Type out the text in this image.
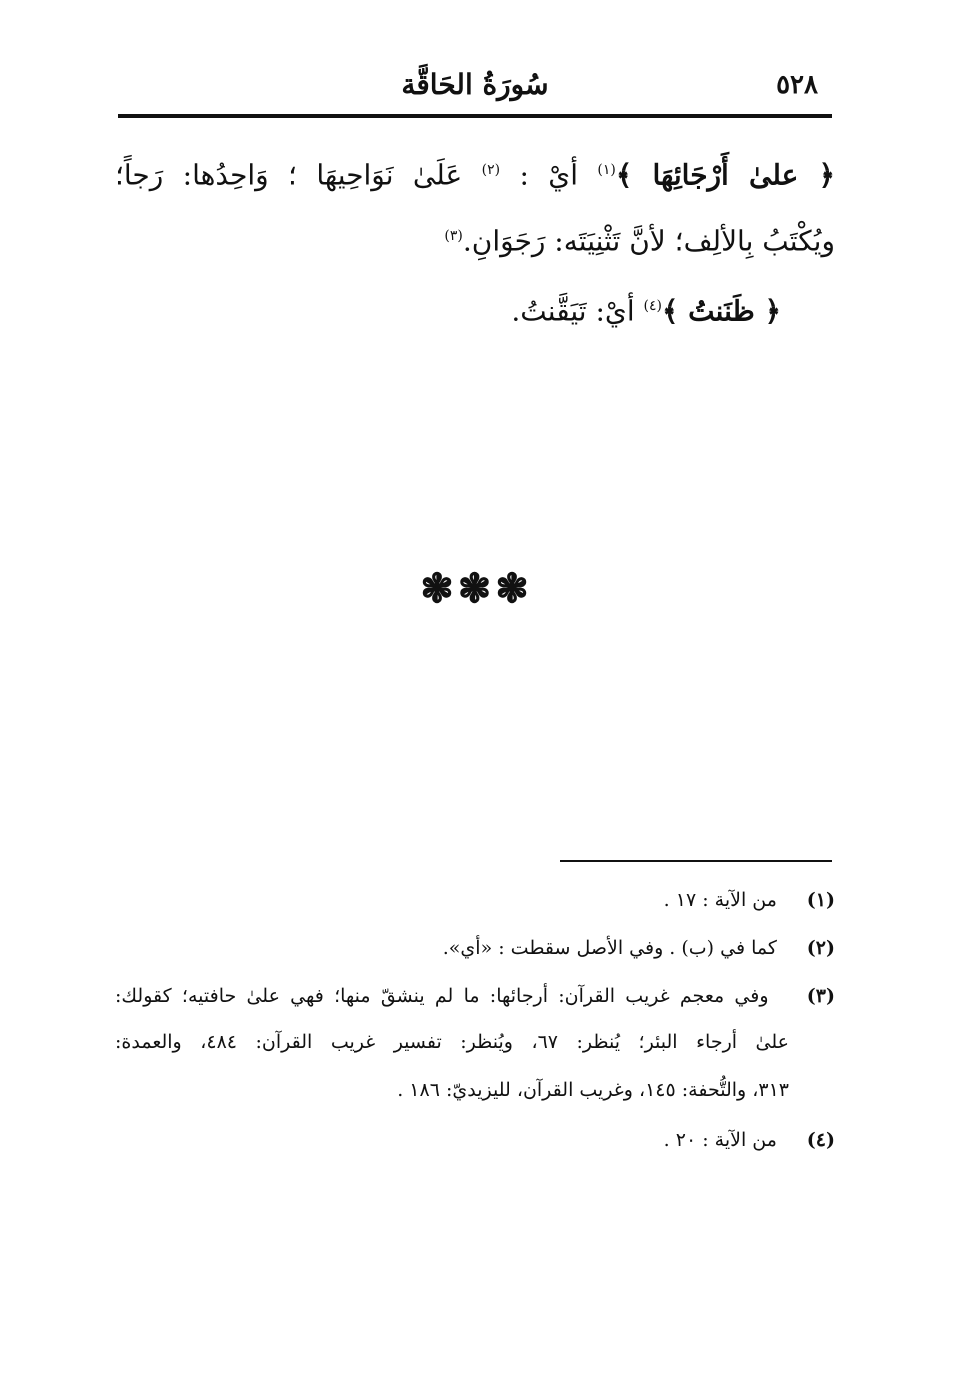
٥٢٨
سُورَةُ الحَاقَّة
﴿ علىٰ أَرْجَائِهَا ﴾$^{(١)}$ أيْ : $^{(٢)}$ عَلَىٰ نَوَاحِيهَا ؛ وَاحِدُها: رَجاً؛
ويُكْتَبُ بِالألِف؛ لأنَّ تَثْنِيَتَه: رَجَوَانِ.$^{(٣)}$
﴿ ظَنَنتُ ﴾$^{(٤)}$ أيْ: تَيَقَّنتُ.
❃❃❃
(١)  من الآية : ١٧ .
(٢)  كما في (ب) . وفي الأصل سقطت : «أي».
(٣)  وفي معجم غريب القرآن: أرجائها: ما لم ينشقّ منها؛ فهي علىٰ حافتيه؛ كقولك:
علىٰ أرجاء البئر؛ يُنظر: ٦٧، ويُنظر: تفسير غريب القرآن: ٤٨٤، والعمدة:
٣١٣، والتُّحفة: ١٤٥، وغريب القرآن، لليزيديّ: ١٨٦ .
(٤)  من الآية : ٢٠ .
